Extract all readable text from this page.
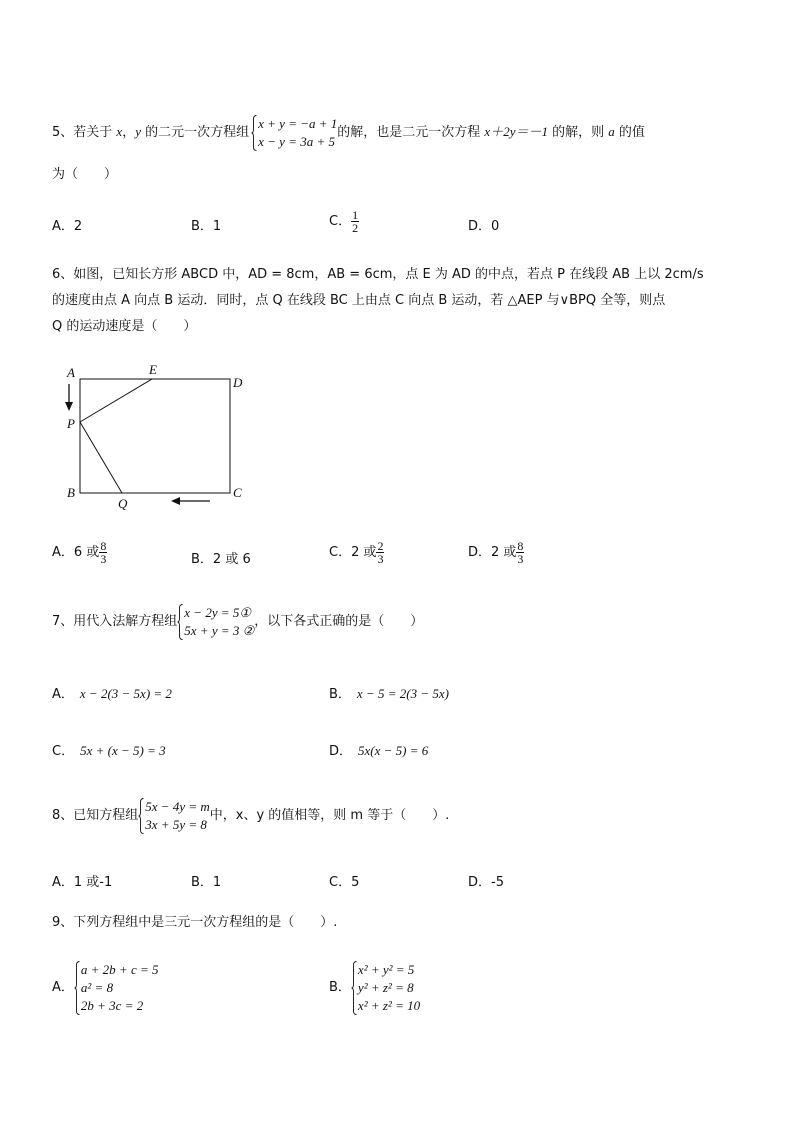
5、若关于 x，y 的二元一次方程组
x + y = −a + 1
x − y = 3a + 5
的解，也是二元一次方程 x＋2y＝－1 的解，则 a 的值
为（　　）
A．2	B．1	C． $\frac{1}{2}$	D．0
6、如图，已知长方形 ABCD 中，AD = 8cm，AB = 6cm，点 E 为 AD 的中点，若点 P 在线段 AB 上以 2cm/s
的速度由点 A 向点 B 运动．同时，点 Q 在线段 BC 上由点 C 向点 B 运动，若 △AEP 与∨BPQ 全等，则点
Q 的运动速度是（　　）
A	E
D
P
B
Q
C
A．6 或 $\frac{8}{3}$	B．2 或 6	C．2 或 $\frac{2}{3}$	D．2 或 $\frac{8}{3}$
7、用代入法解方程组
x − 2y = 5①
5x + y = 3 ②
，以下各式正确的是（　　）
A． x − 2(3 − 5x) = 2	B． x − 5 = 2(3 − 5x)
C． 5x + (x − 5) = 3	D． 5x(x − 5) = 6
8、已知方程组
5x − 4y = m
3x + 5y = 8
中，x、y 的值相等，则 m 等于（　　）.
A．1 或-1	B．1	C．5	D．-5
9、下列方程组中是三元一次方程组的是（　　）.
A．
a + 2b + c = 5
a² = 8
2b + 3c = 2
B．
x² + y² = 5
y² + z² = 8
x² + z² = 10
